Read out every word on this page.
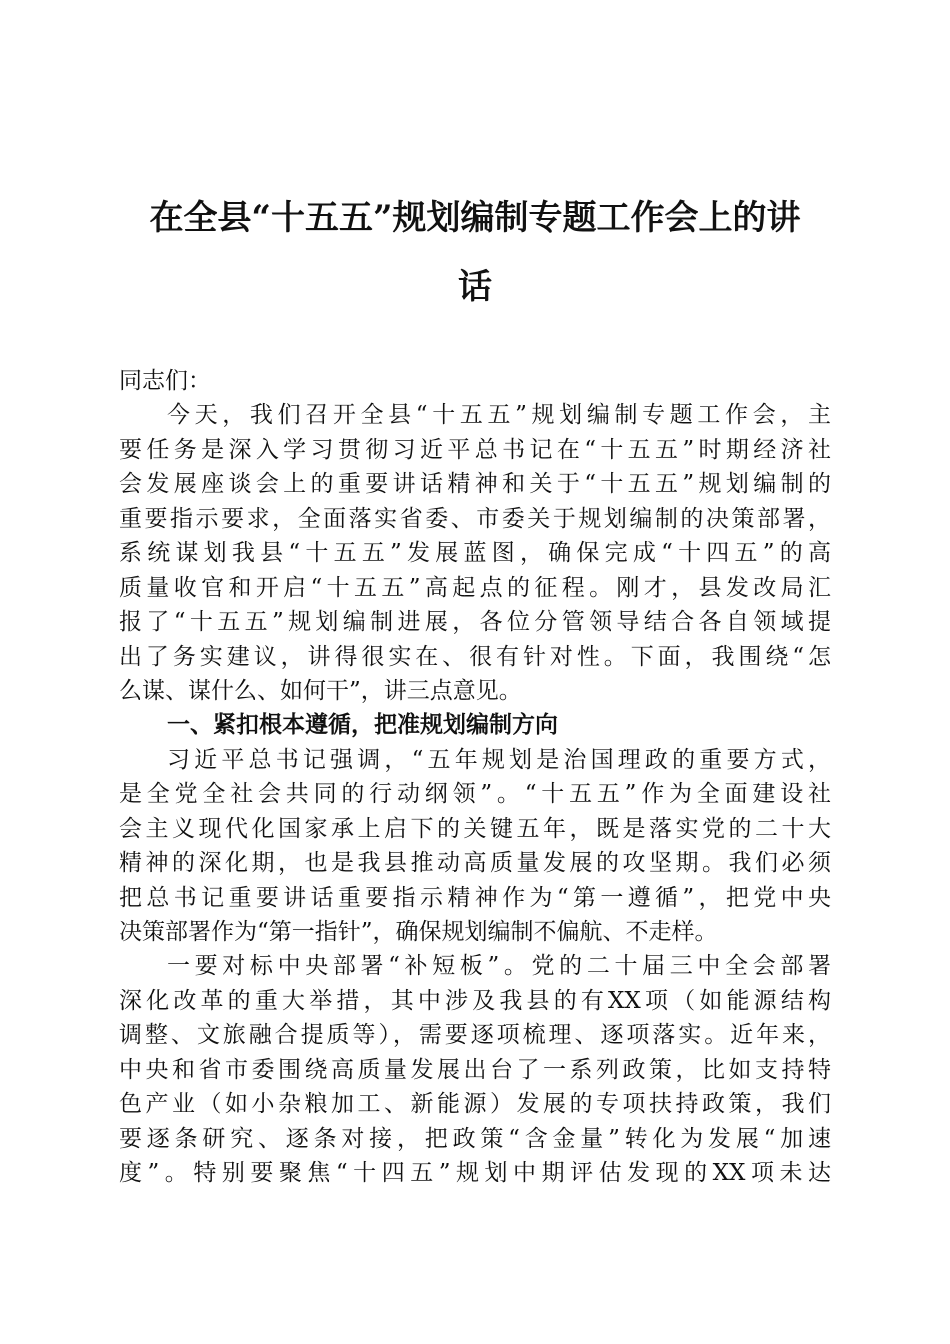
在全县“十五五”规划编制专题工作会上的讲
话
同志们：
今天，我们召开全县“十五五”规划编制专题工作会，主
要任务是深入学习贯彻习近平总书记在“十五五”时期经济社
会发展座谈会上的重要讲话精神和关于“十五五”规划编制的
重要指示要求，全面落实省委、市委关于规划编制的决策部署，
系统谋划我县“十五五”发展蓝图，确保完成“十四五”的高
质量收官和开启“十五五”高起点的征程。刚才，县发改局汇
报了“十五五”规划编制进展，各位分管领导结合各自领域提
出了务实建议，讲得很实在、很有针对性。下面，我围绕“怎
么谋、谋什么、如何干”，讲三点意见。
一、紧扣根本遵循，把准规划编制方向
习近平总书记强调，“五年规划是治国理政的重要方式，
是全党全社会共同的行动纲领”。“十五五”作为全面建设社
会主义现代化国家承上启下的关键五年，既是落实党的二十大
精神的深化期，也是我县推动高质量发展的攻坚期。我们必须
把总书记重要讲话重要指示精神作为“第一遵循”，把党中央
决策部署作为“第一指针”，确保规划编制不偏航、不走样。
一要对标中央部署“补短板”。党的二十届三中全会部署
深化改革的重大举措，其中涉及我县的有XX项（如能源结构
调整、文旅融合提质等），需要逐项梳理、逐项落实。近年来，
中央和省市委围绕高质量发展出台了一系列政策，比如支持特
色产业（如小杂粮加工、新能源）发展的专项扶持政策，我们
要逐条研究、逐条对接，把政策“含金量”转化为发展“加速
度”。特别要聚焦“十四五”规划中期评估发现的XX项未达
